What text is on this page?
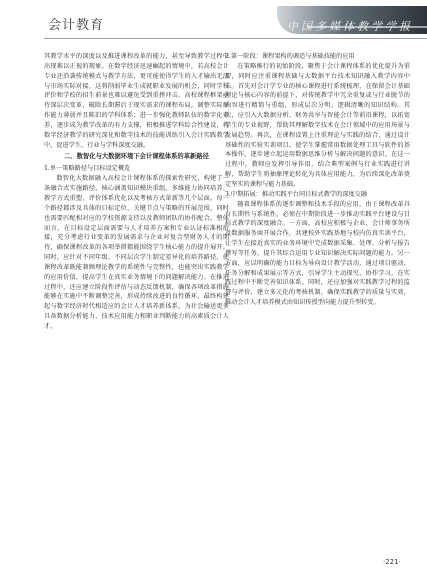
会计教育	中国多媒体教学学报

其教学水平的深度以及推进课程改革的能力，甚至导致教学过程中出现难以正视的现象。在数字经济迅速崛起的情境中，若高校会计专业还沿袭传统模式与教学方法，更可能使得学生的入才输出无法与市场实际对接，这将削弱毕业生成就职业发展的机会，同时学科评价和学校的招生前景也难以避免受到重挫冲击。高校课程框架亟待深层次变革，破除长期滞后于现实需求的课程布局，调整实际操作能力薄弱并且陈旧的学科体系；进一步强化教师队伍的数字化素养，逐步成为教学改革的有力支撑，积极推进学科综合性建设，将数字经济教学的研究深化和数字技术的技能训练引入会计实践教学中，促进学生、行业与学科深度交融。

二、数智化与大数据环境下会计课程体系的革新路径
1.单一策略路径与目标设定概览

数智化大数据融入高校会计课程体系的探索性研究，构建了一条融合式实施路径，核心涵盖知识模块重组、多维能力协同培养、教学方式重塑、评价体系优化以及考核方式革新等几个层面。每一个路径都涉及具体的目标定位、关键节点与策略的开展范围，同时也需要匹配相对应的学校资源支持以及教师团队的协作配合。整体而言，在目标设定层面需要与人才培养方案和专业认证标准相衔接，充分考虑行业变革的发展需求与企业对复合型财务人才的期待，确保课程改革的各项举措都能围绕学生核心能力的提升展开。同时，应针对不同年级、不同层次学生制定差异化的培养路径，使课程改革既能兼顾理论教学的系统性与完整性，也能突出实践教学的应用价值，提高学生在真实业务情境下的问题解决能力。在推进过程中，还应建立阶段性评估与动态反馈机制，确保各项改革措施能够在实施中不断调整完善，形成持续改进的良性循环，最终构建起与数字经济时代相适应的会计人才培养新体系，为社会输送更多具备数据分析能力、技术应用能力和职业判断能力的高素质会计人才。

2.第一阶段：课程架构的调适与基础技能的应用

在策略推行的初始阶段，聚焦于会计课程体系的优化提升为重要，同时应注重课程基础与大数据平台技术知识融入教学内容中去。首先对会计学专业的核心课程进行系统梳理，在保留会计基础理论与核心内容的前提下，对传统教学中冗余重复或与行业脱节的内容进行精简与重组，形成层次分明、逻辑清晰的知识结构。其次，应引入大数据分析、财务共享与智能会计等前沿课程，以拓宽学生的专业视野，帮助其理解数字技术在会计领域中的应用场景与发展趋势。再次，在课程设置上注重理论与实践的结合，通过设计基础性的实验实训项目，使学生掌握常用数据处理工具与软件的基本操作，逐步建立起运用数据思维分析与解决问题的意识。在这一过程中，教师应发挥引导作用，结合典型案例与行业实践进行讲解，帮助学生将抽象理论转化为具体应用能力，为后续深化改革奠定坚实的课程与能力基础。

3.中期拓展：推动实践平台同目标式教学的深度交融

随着课程体系的逐步调整和技术手段的应用，由于课程改革具有长期性与系统性，必须在中期阶段进一步推动实践平台建设与目标式教学的深度融合。一方面，高校应积极与企业、会计师事务所及数据服务商开展合作，共建校外实践基地与校内仿真实训平台，让学生在接近真实的业务环境中完成数据采集、处理、分析与报告撰写等任务，提升其综合运用专业知识解决实际问题的能力。另一方面，应以明确的能力目标为导向设计教学活动，通过项目驱动、任务分解和成果展示等方式，引导学生主动探究、协作学习，在实践过程中不断完善知识体系。同时，还应加强对实践教学过程的监督与评价，建立多元化的考核机制，确保实践教学的质量与实效，推动会计人才培养模式由知识传授型向能力提升型转变。

·221·
